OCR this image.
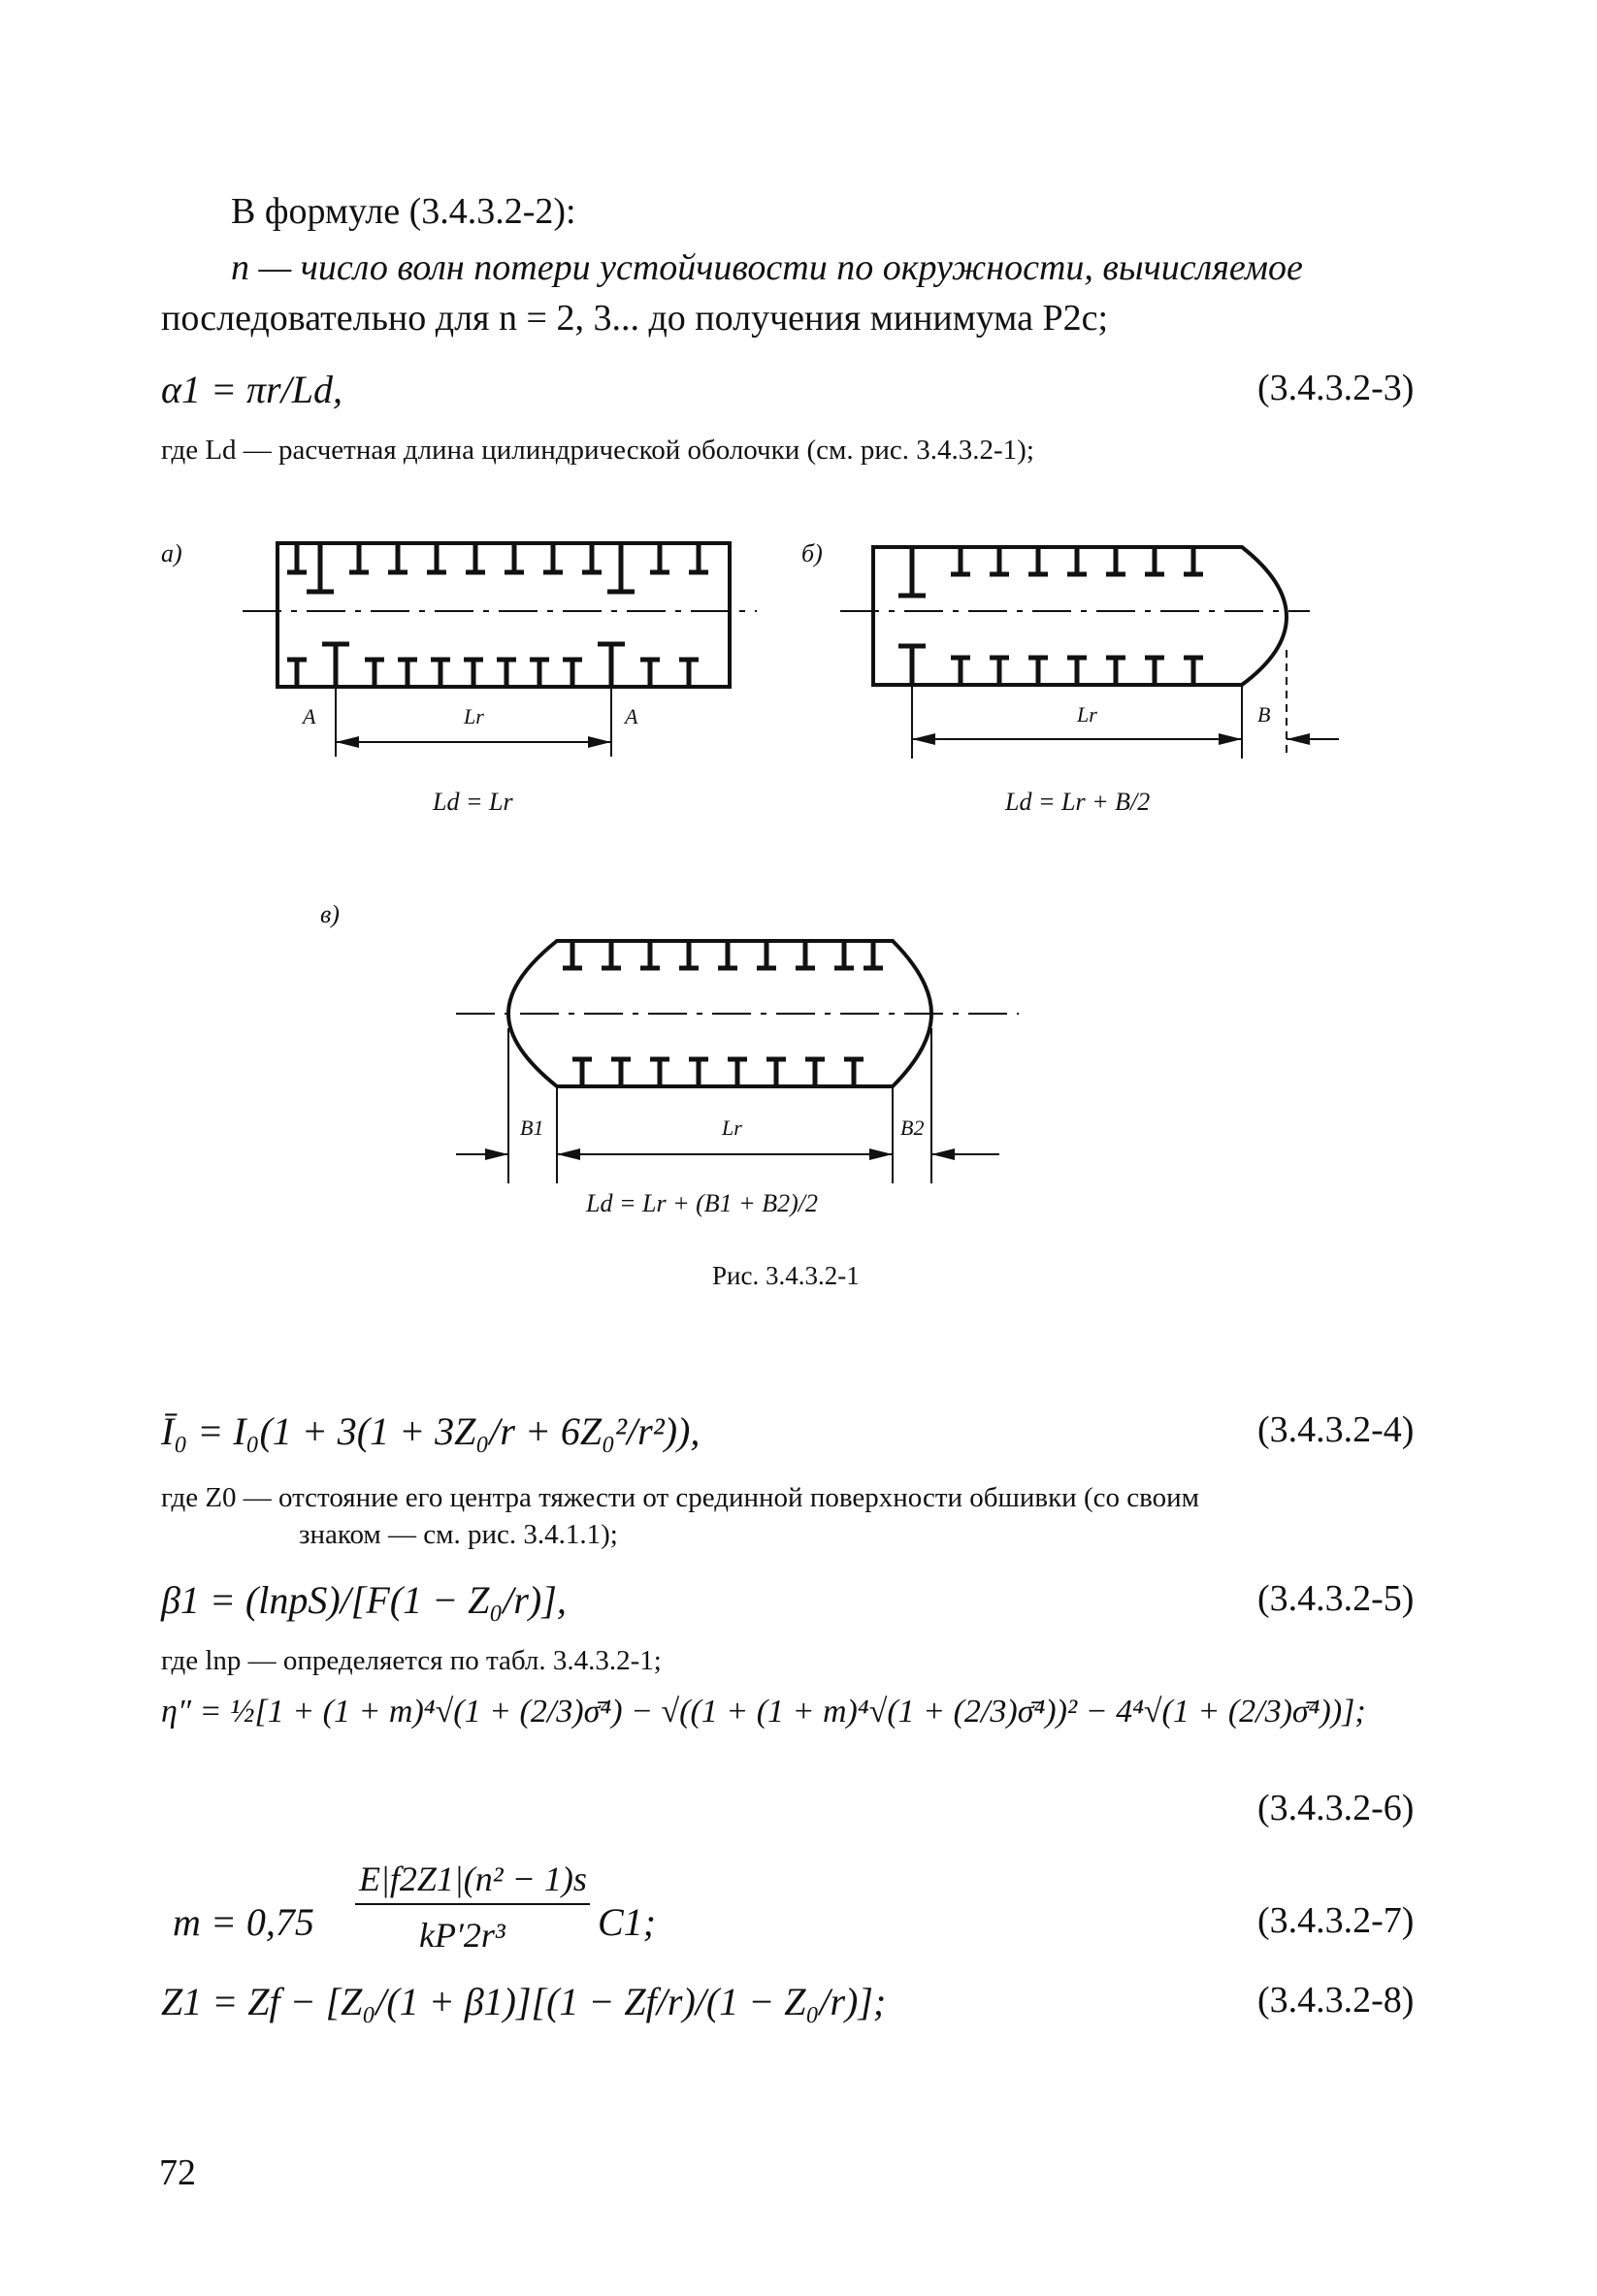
В формуле (3.4.3.2-2):
n — число волн потери устойчивости по окружности, вычисляемое
последовательно для n = 2, 3... до получения минимума P2c;
α1 = πr/Ld,	(3.4.3.2-3)
где Ld — расчетная длина цилиндрической оболочки (см. рис. 3.4.3.2-1);
а)
A	Lr	A
Ld = Lr
б)
Lr	B
Ld = Lr + B/2
в)
B1	Lr	B2
Ld = Lr + (B1 + B2)/2
Рис. 3.4.3.2-1
Ī₀ = I₀(1 + 3(1 + 3Z₀/r + 6Z₀²/r²)),	(3.4.3.2-4)
где Z0 — отстояние его центра тяжести от срединной поверхности обшивки (со своим
знаком — см. рис. 3.4.1.1);
β1 = (lnpS)/[F(1 − Z₀/r)],	(3.4.3.2-5)
где lnp — определяется по табл. 3.4.3.2-1;
η″ = ½[1 + (1 + m)⁴√(1 + (2/3)σ̄⁴) − √((1 + (1 + m)⁴√(1 + (2/3)σ̄⁴))² − 4⁴√(1 + (2/3)σ̄⁴))];
(3.4.3.2-6)
m = 0,75
E|f2Z1|(n² − 1)s
kP′2r³ C1;	(3.4.3.2-7)
Z1 = Zf − [Z₀/(1 + β1)][(1 − Zf/r)/(1 − Z₀/r)];	(3.4.3.2-8)
72
